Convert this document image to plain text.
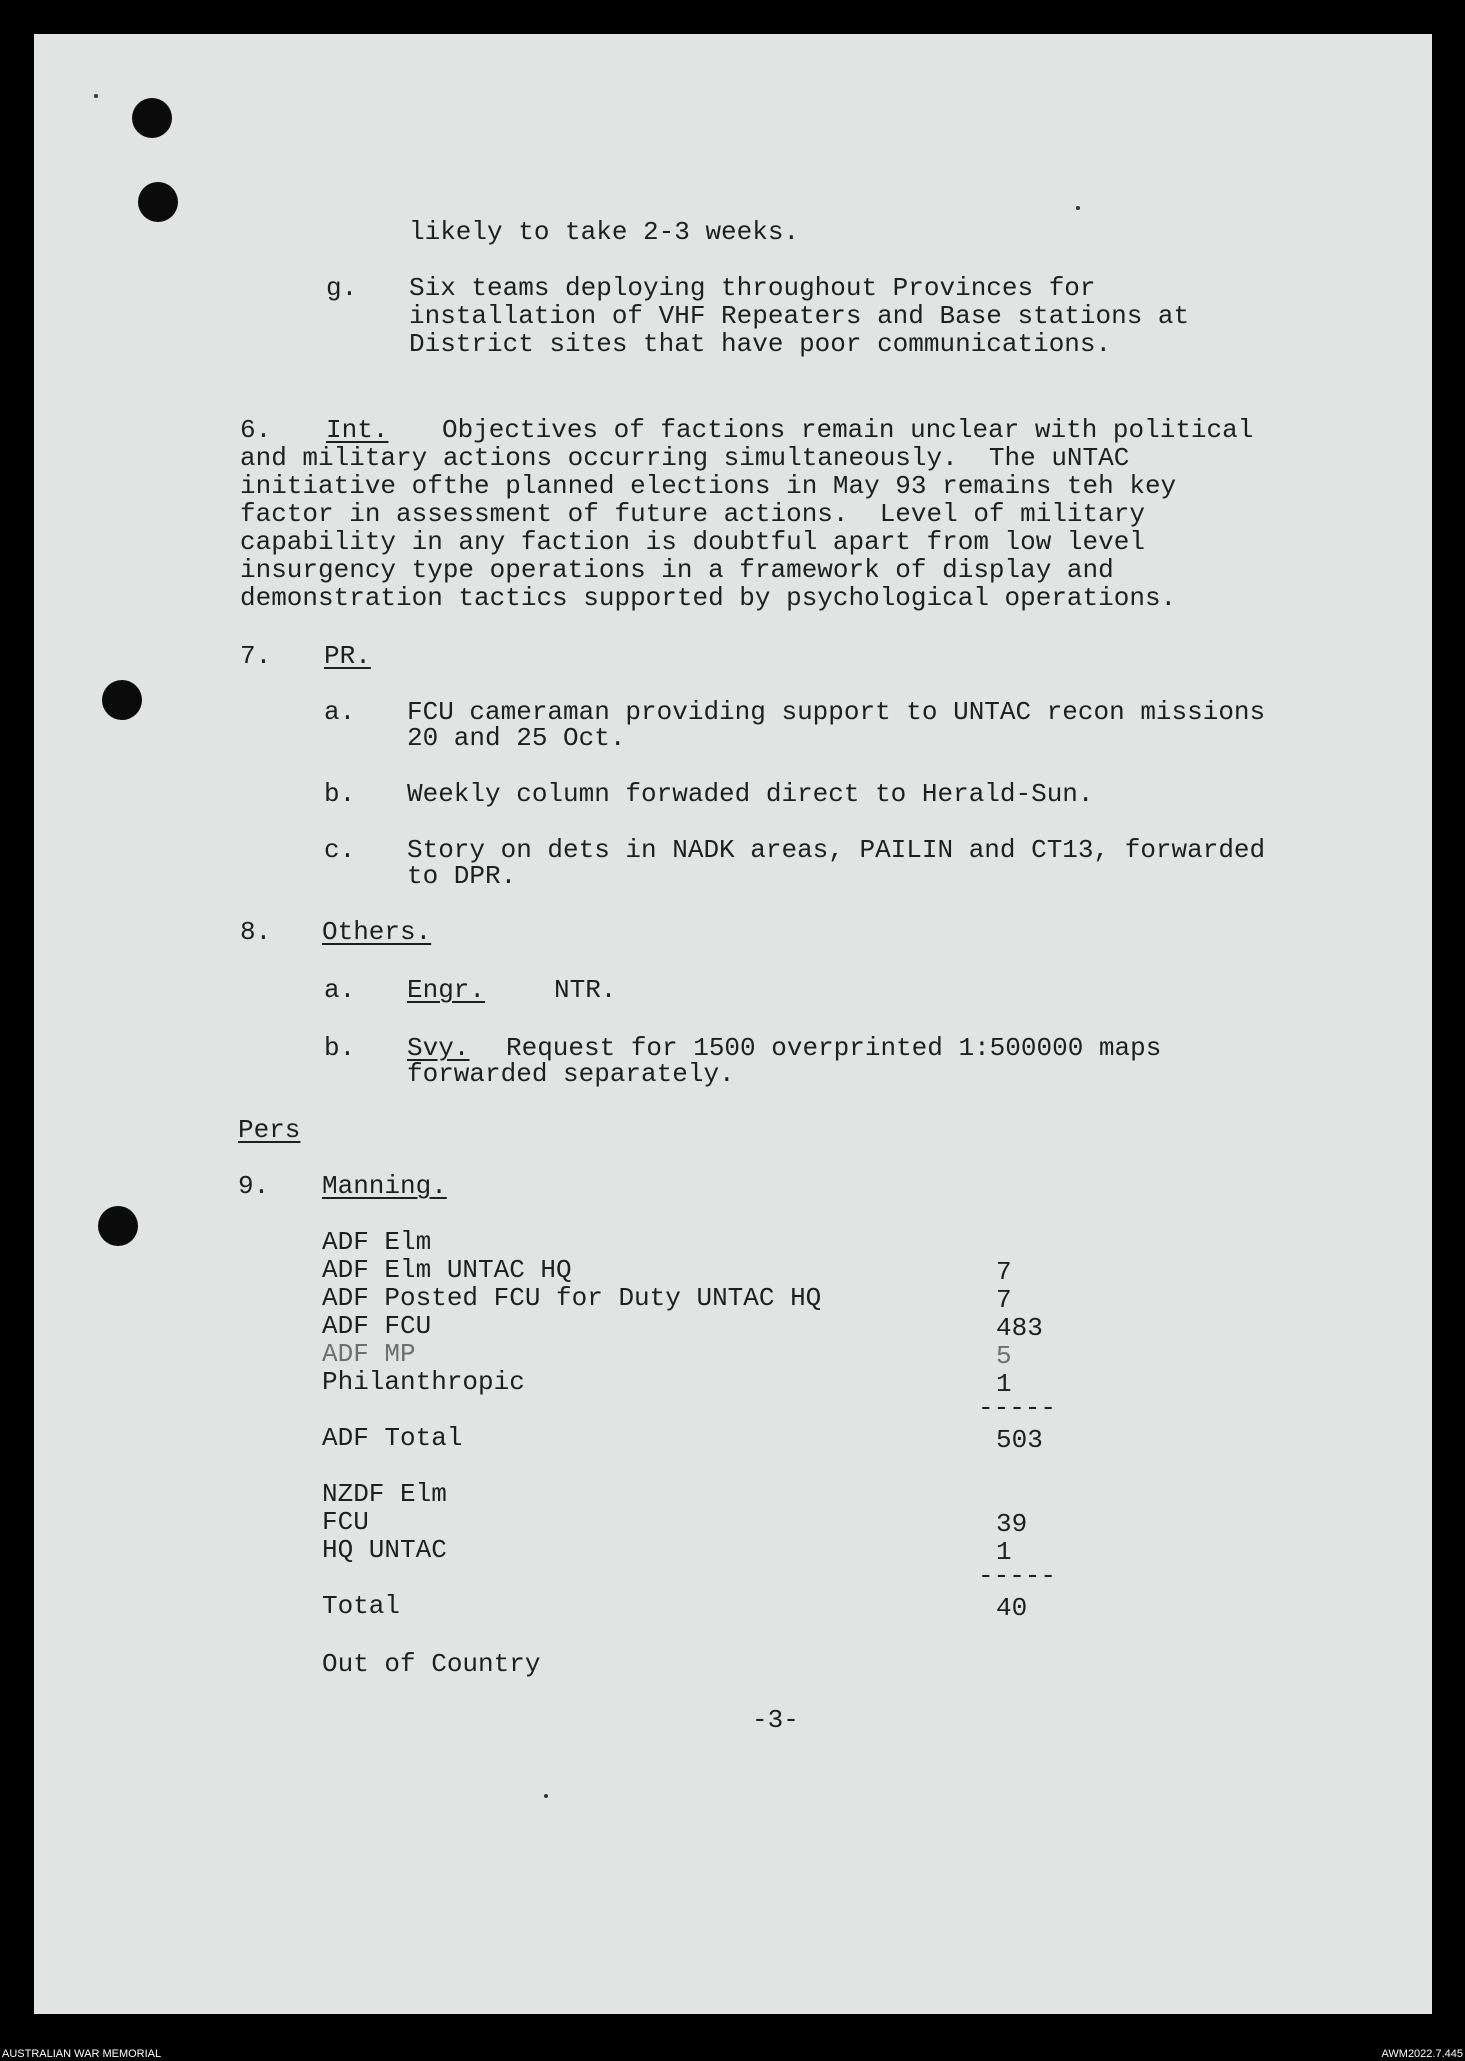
likely to take 2-3 weeks.
g. Six teams deploying throughout Provinces for
installation of VHF Repeaters and Base stations at
District sites that have poor communications.
6. Int. Objectives of factions remain unclear with political
and military actions occurring simultaneously.  The uNTAC
initiative ofthe planned elections in May 93 remains teh key
factor in assessment of future actions.  Level of military
capability in any faction is doubtful apart from low level
insurgency type operations in a framework of display and
demonstration tactics supported by psychological operations.
7. PR.
a. FCU cameraman providing support to UNTAC recon missions
20 and 25 Oct.
b. Weekly column forwaded direct to Herald-Sun.
c. Story on dets in NADK areas, PAILIN and CT13, forwarded
to DPR.
8. Others.
a. Engr.	NTR.
b. Svy. Request for 1500 overprinted 1:500000 maps
forwarded separately.
Pers
9. Manning.
ADF Elm
ADF Elm UNTAC HQ	7
ADF Posted FCU for Duty UNTAC HQ	7
ADF FCU	483
ADF MP	5
Philanthropic	1
-----
ADF Total	503
NZDF Elm
FCU	39
HQ UNTAC	1
-----
Total	40
Out of Country
-3-
AUSTRALIAN WAR MEMORIAL	AWM2022.7.445
